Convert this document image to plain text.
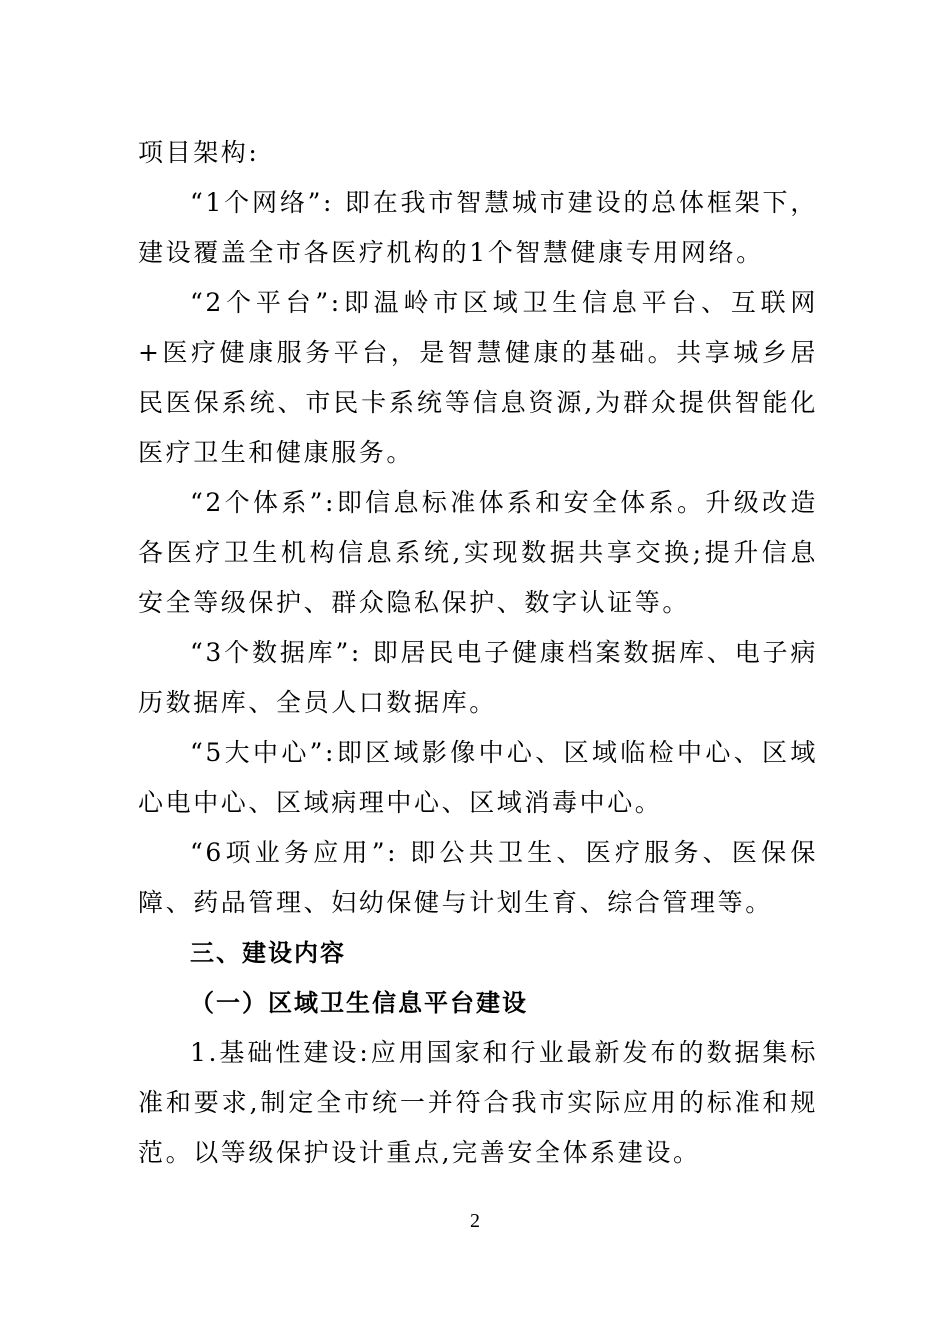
项目架构:

“1个网络”: 即在我市智慧城市建设的总体框架下，建设覆盖全市各医疗机构的1个智慧健康专用网络。

“2个平台”:即温岭市区域卫生信息平台、互联网+医疗健康服务平台，是智慧健康的基础。共享城乡居民医保系统、市民卡系统等信息资源,为群众提供智能化医疗卫生和健康服务。

“2个体系”:即信息标准体系和安全体系。升级改造各医疗卫生机构信息系统,实现数据共享交换;提升信息安全等级保护、群众隐私保护、数字认证等。

“3个数据库”: 即居民电子健康档案数据库、电子病历数据库、全员人口数据库。

“5大中心”:即区域影像中心、区域临检中心、区域心电中心、区域病理中心、区域消毒中心。

“6项业务应用”: 即公共卫生、医疗服务、医保保障、药品管理、妇幼保健与计划生育、综合管理等。

三、建设内容

（一）区域卫生信息平台建设

1.基础性建设:应用国家和行业最新发布的数据集标准和要求,制定全市统一并符合我市实际应用的标准和规范。以等级保护设计重点,完善安全体系建设。

2
